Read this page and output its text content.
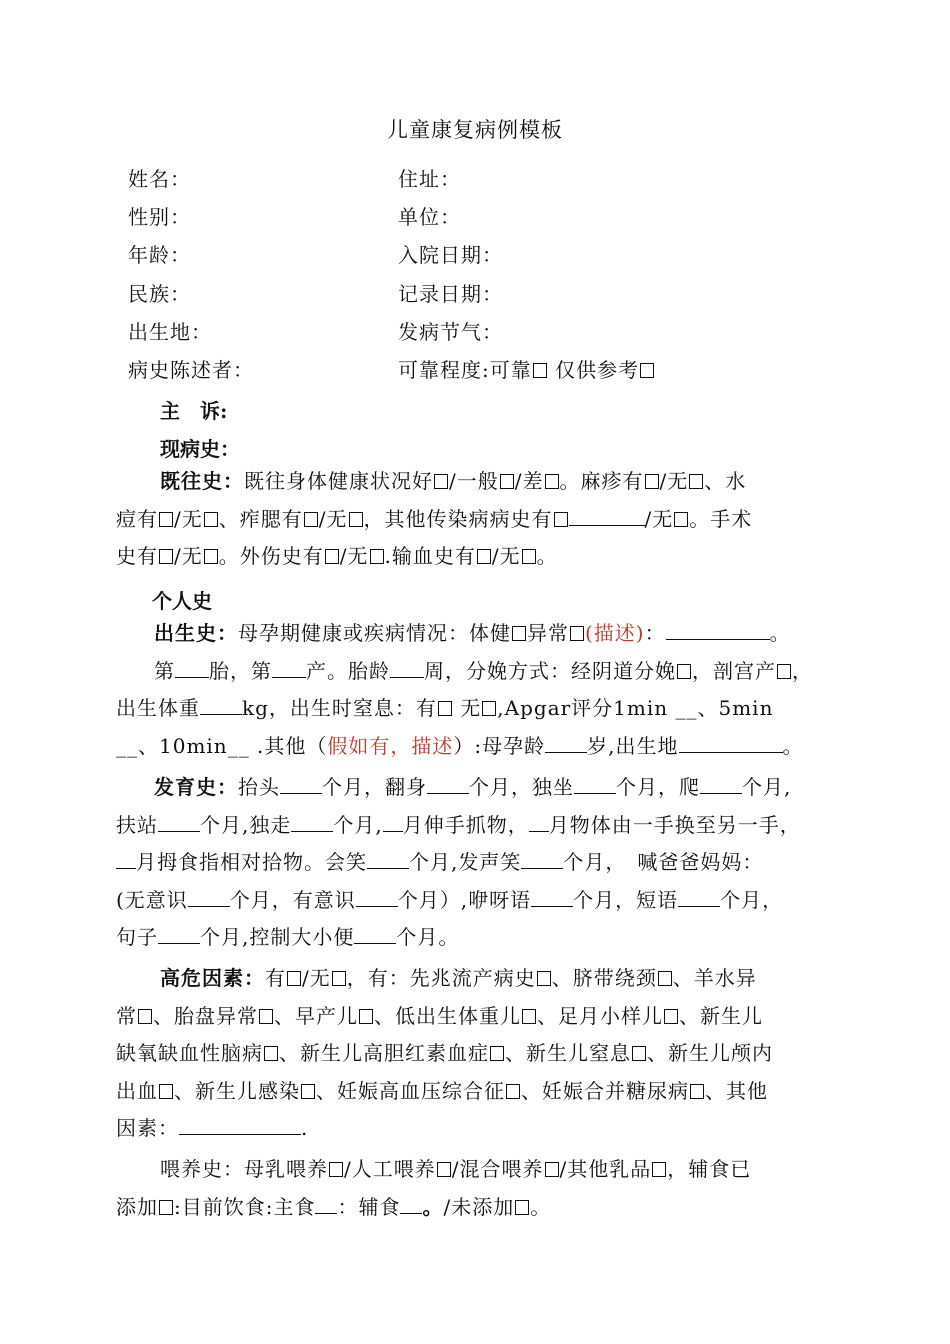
儿童康复病例模板
姓名：	住址：
性别：	单位：
年龄：	入院日期：
民族：	记录日期：
出生地：	发病节气：
病史陈述者：	可靠程度:可靠 仅供参考
主　诉:
现病史：
既往史：既往身体健康状况好 /一般 /差 。麻疹有 /无 、水
痘有 /无 、痄腮有 /无 ，其他传染病病史有	/无 。手术
史有 /无 。外伤史有 /无 .输血史有 /无 。
个人史
出生史：母孕期健康或疾病情况：体健 异常 (描述)：	。
第 胎，第 产。胎龄 周，分娩方式：经阴道分娩 ，剖宫产 ，
出生体重 kg，出生时窒息：有 无 ,Apgar评分1min __、5min
__、10min__ .其他（假如有，描述）:母孕龄 岁,出生地	。
发育史：抬头 个月，翻身 个月，独坐 个月，爬 个月,
扶站 个月,独走 个月, 月伸手抓物， 月物体由一手换至另一手，
月拇食指相对拾物。会笑 个月,发声笑 个月，　喊爸爸妈妈：
(无意识 个月，有意识 个月）,咿呀语 个月，短语 个月，
句子 个月,控制大小便 个月。
高危因素：有 /无 ，有：先兆流产病史 、脐带绕颈 、羊水异
常 、胎盘异常 、早产儿 、低出生体重儿 、足月小样儿 、新生儿
缺氧缺血性脑病 、新生儿高胆红素血症 、新生儿窒息 、新生儿颅内
出血 、新生儿感染 、妊娠高血压综合征 、妊娠合并糖尿病 、其他
因素：	.
喂养史：母乳喂养 /人工喂养 /混合喂养 /其他乳品 ，辅食已
添加 :目前饮食:主食 ：辅食 。/未添加 。
